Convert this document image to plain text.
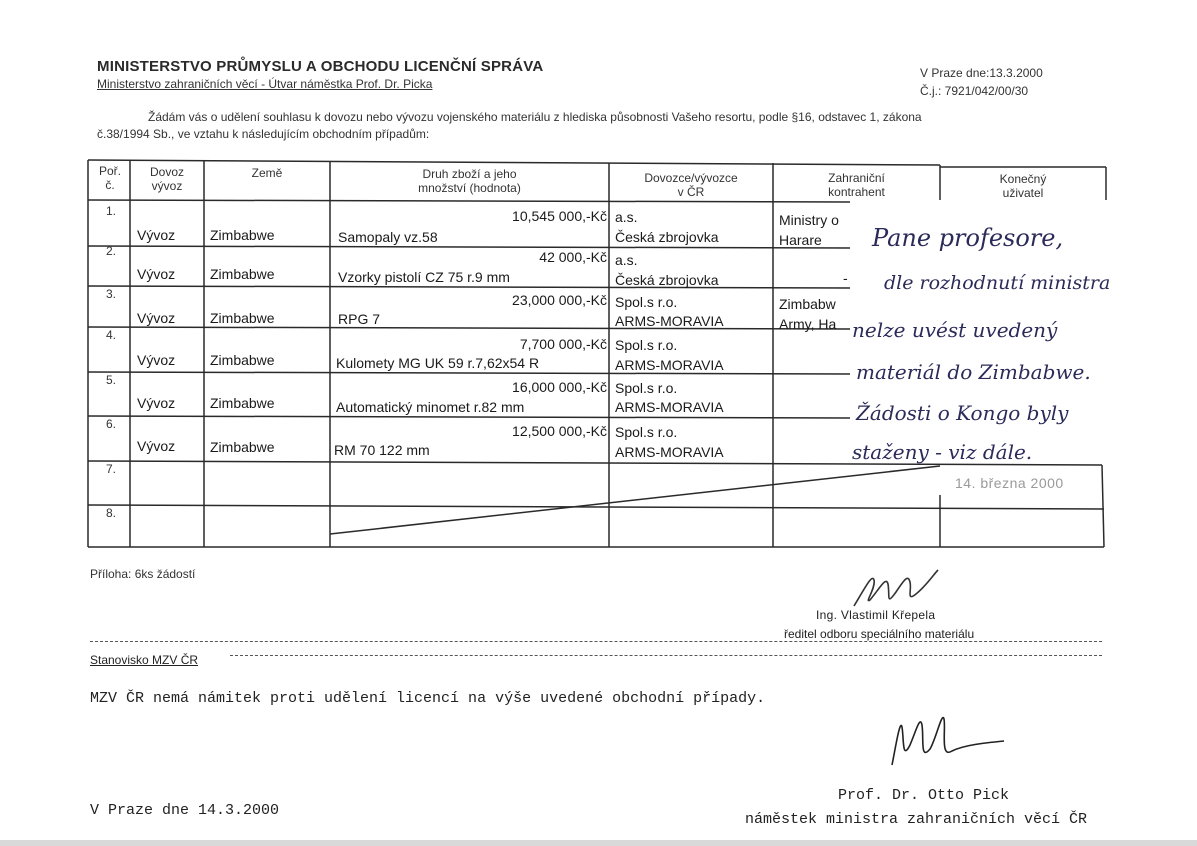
MINISTERSTVO PRŮMYSLU A OBCHODU LICENČNÍ SPRÁVA
Ministerstvo zahraničních věcí - Útvar náměstka Prof. Dr. Picka
V Praze dne:13.3.2000
Č.j.: 7921/042/00/30
Žádám vás o udělení souhlasu k dovozu nebo vývozu vojenského materiálu z hlediska působnosti Vašeho resortu, podle §16, odstavec 1, zákona
č.38/1994 Sb., ve vztahu k následujícím obchodním případům:
Poř.
č.
Dovoz
vývoz
Země	Druh zboží a jeho
množství (hodnota)
Dovozce/vývozce
v ČR
Zahraniční
kontrahent
Konečný
uživatel
1.
Vývoz Zimbabwe
10,545 000,-Kč
Samopaly vz.58
a.s.
Česká zbrojovka
Ministry o
Harare
2.
Vývoz Zimbabwe
42 000,-Kč
Vzorky pistolí CZ 75 r.9 mm
a.s.
Česká zbrojovka	-
3.
Vývoz Zimbabwe
23,000 000,-Kč
RPG 7
Spol.s r.o.
ARMS-MORAVIA
Zimbabw
Army, Ha
4.
Vývoz Zimbabwe
7,700 000,-Kč
Kulomety MG UK 59 r.7,62x54 R
Spol.s r.o.
ARMS-MORAVIA
5.
Vývoz Zimbabwe
16,000 000,-Kč
Automatický minomet r.82 mm
Spol.s r.o.
ARMS-MORAVIA
6.
Vývoz Zimbabwe
12,500 000,-Kč
RM 70 122 mm
Spol.s r.o.
ARMS-MORAVIA
7.
8.
Pane profesore,
dle rozhodnutí ministra
nelze uvést uvedený
materiál do Zimbabwe.
Žádosti o Kongo byly
staženy - viz dále.
14. března 2000
Příloha: 6ks žádostí
Ing. Vlastimil Křepela
ředitel odboru speciálního materiálu
Stanovisko MZV ČR
MZV ČR nemá námitek proti udělení licencí na výše uvedené obchodní případy.
V Praze dne 14.3.2000
Prof. Dr. Otto Pick
náměstek ministra zahraničních věcí ČR
